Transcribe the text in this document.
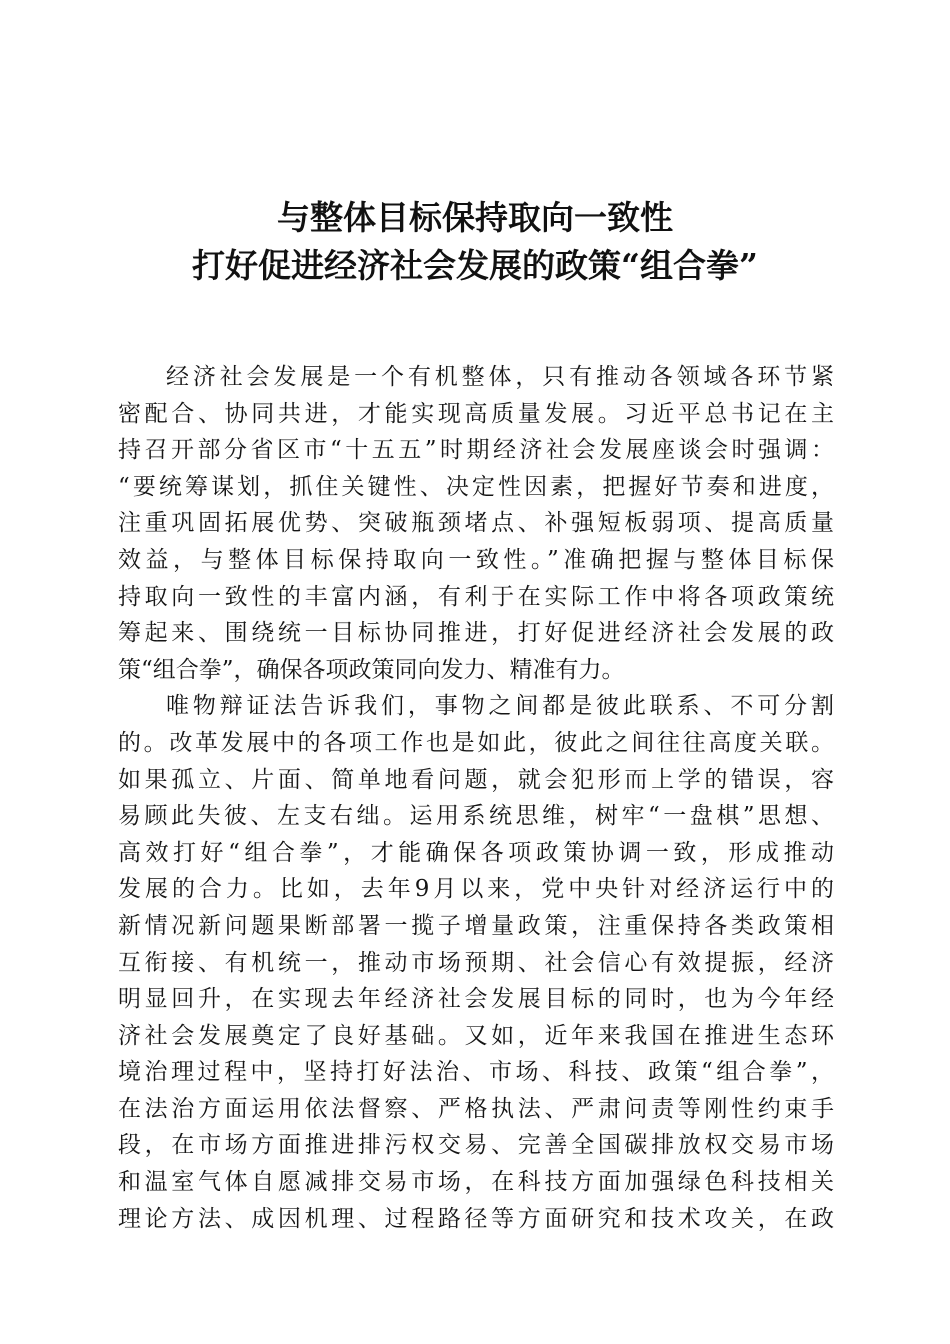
与整体目标保持取向一致性
打好促进经济社会发展的政策“组合拳”
经济社会发展是一个有机整体，只有推动各领域各环节紧
密配合、协同共进，才能实现高质量发展。习近平总书记在主
持召开部分省区市“十五五”时期经济社会发展座谈会时强调：
“要统筹谋划，抓住关键性、决定性因素，把握好节奏和进度，
注重巩固拓展优势、突破瓶颈堵点、补强短板弱项、提高质量
效益，与整体目标保持取向一致性。”准确把握与整体目标保
持取向一致性的丰富内涵，有利于在实际工作中将各项政策统
筹起来、围绕统一目标协同推进，打好促进经济社会发展的政
策“组合拳”，确保各项政策同向发力、精准有力。
唯物辩证法告诉我们，事物之间都是彼此联系、不可分割
的。改革发展中的各项工作也是如此，彼此之间往往高度关联。
如果孤立、片面、简单地看问题，就会犯形而上学的错误，容
易顾此失彼、左支右绌。运用系统思维，树牢“一盘棋”思想、
高效打好“组合拳”，才能确保各项政策协调一致，形成推动
发展的合力。比如，去年9月以来，党中央针对经济运行中的
新情况新问题果断部署一揽子增量政策，注重保持各类政策相
互衔接、有机统一，推动市场预期、社会信心有效提振，经济
明显回升，在实现去年经济社会发展目标的同时，也为今年经
济社会发展奠定了良好基础。又如，近年来我国在推进生态环
境治理过程中，坚持打好法治、市场、科技、政策“组合拳”，
在法治方面运用依法督察、严格执法、严肃问责等刚性约束手
段，在市场方面推进排污权交易、完善全国碳排放权交易市场
和温室气体自愿减排交易市场，在科技方面加强绿色科技相关
理论方法、成因机理、过程路径等方面研究和技术攻关，在政
